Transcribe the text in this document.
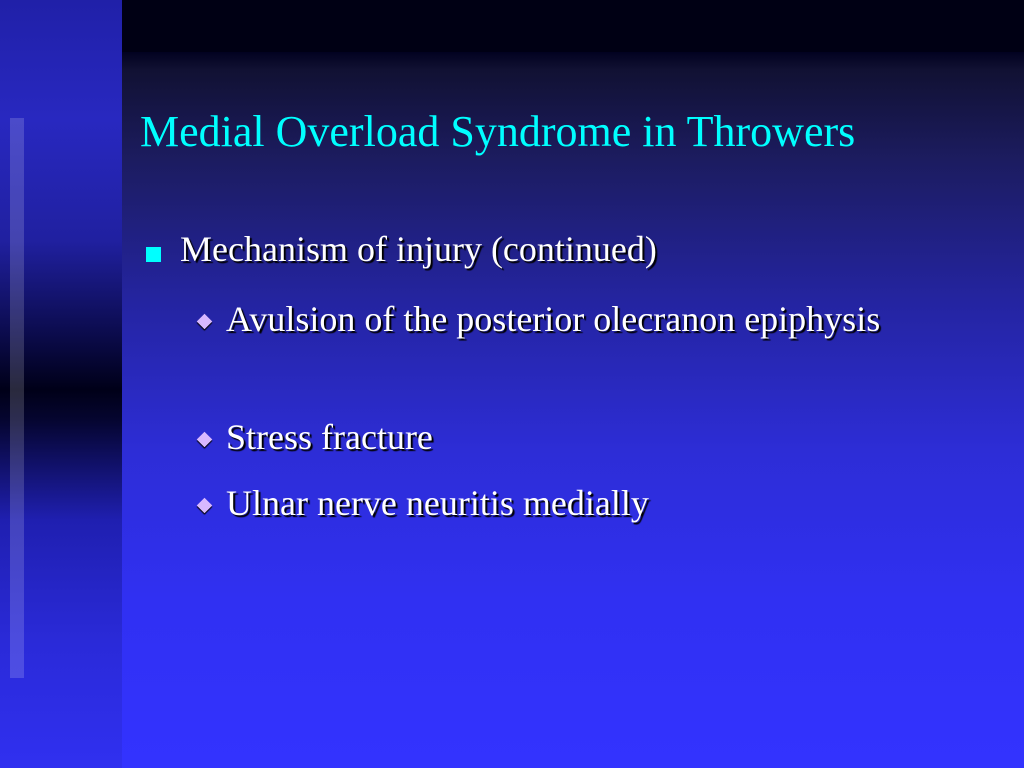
Medial Overload Syndrome in Throwers
Mechanism of injury (continued)
Avulsion of the posterior olecranon epiphysis
Stress fracture
Ulnar nerve neuritis medially
